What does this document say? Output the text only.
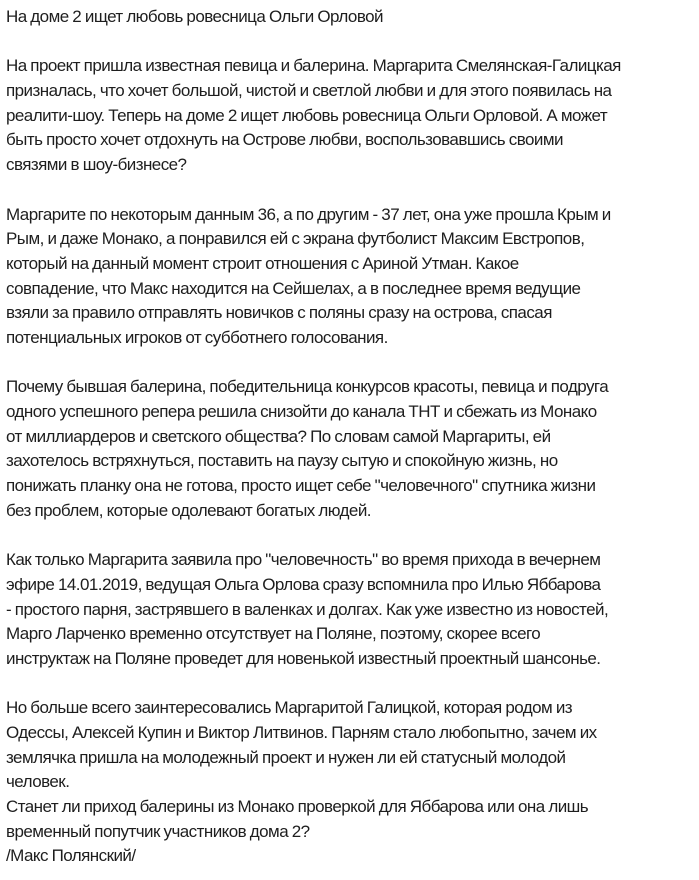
На доме 2 ищет любовь ровесница Ольги Орловой
На проект пришла известная певица и балерина. Маргарита Смелянская-Галицкая
призналась, что хочет большой, чистой и светлой любви и для этого появилась на
реалити-шоу. Теперь на доме 2 ищет любовь ровесница Ольги Орловой. А может
быть просто хочет отдохнуть на Острове любви, воспользовавшись своими
связями в шоу-бизнесе?
Маргарите по некоторым данным 36, а по другим - 37 лет, она уже прошла Крым и
Рым, и даже Монако, а понравился ей с экрана футболист Максим Евстропов,
который на данный момент строит отношения с Ариной Утман. Какое
совпадение, что Макс находится на Сейшелах, а в последнее время ведущие
взяли за правило отправлять новичков с поляны сразу на острова, спасая
потенциальных игроков от субботнего голосования.
Почему бывшая балерина, победительница конкурсов красоты, певица и подруга
одного успешного репера решила снизойти до канала ТНТ и сбежать из Монако
от миллиардеров и светского общества? По словам самой Маргариты, ей
захотелось встряхнуться, поставить на паузу сытую и спокойную жизнь, но
понижать планку она не готова, просто ищет себе "человечного" спутника жизни
без проблем, которые одолевают богатых людей.
Как только Маргарита заявила про "человечность" во время прихода в вечернем
эфире 14.01.2019, ведущая Ольга Орлова сразу вспомнила про Илью Яббарова
- простого парня, застрявшего в валенках и долгах. Как уже известно из новостей,
Марго Ларченко временно отсутствует на Поляне, поэтому, скорее всего
инструктаж на Поляне проведет для новенькой известный проектный шансонье.
Но больше всего заинтересовались Маргаритой Галицкой, которая родом из
Одессы, Алексей Купин и Виктор Литвинов. Парням стало любопытно, зачем их
землячка пришла на молодежный проект и нужен ли ей статусный молодой
человек.
Станет ли приход балерины из Монако проверкой для Яббарова или она лишь
временный попутчик участников дома 2?
/Макс Полянский/
